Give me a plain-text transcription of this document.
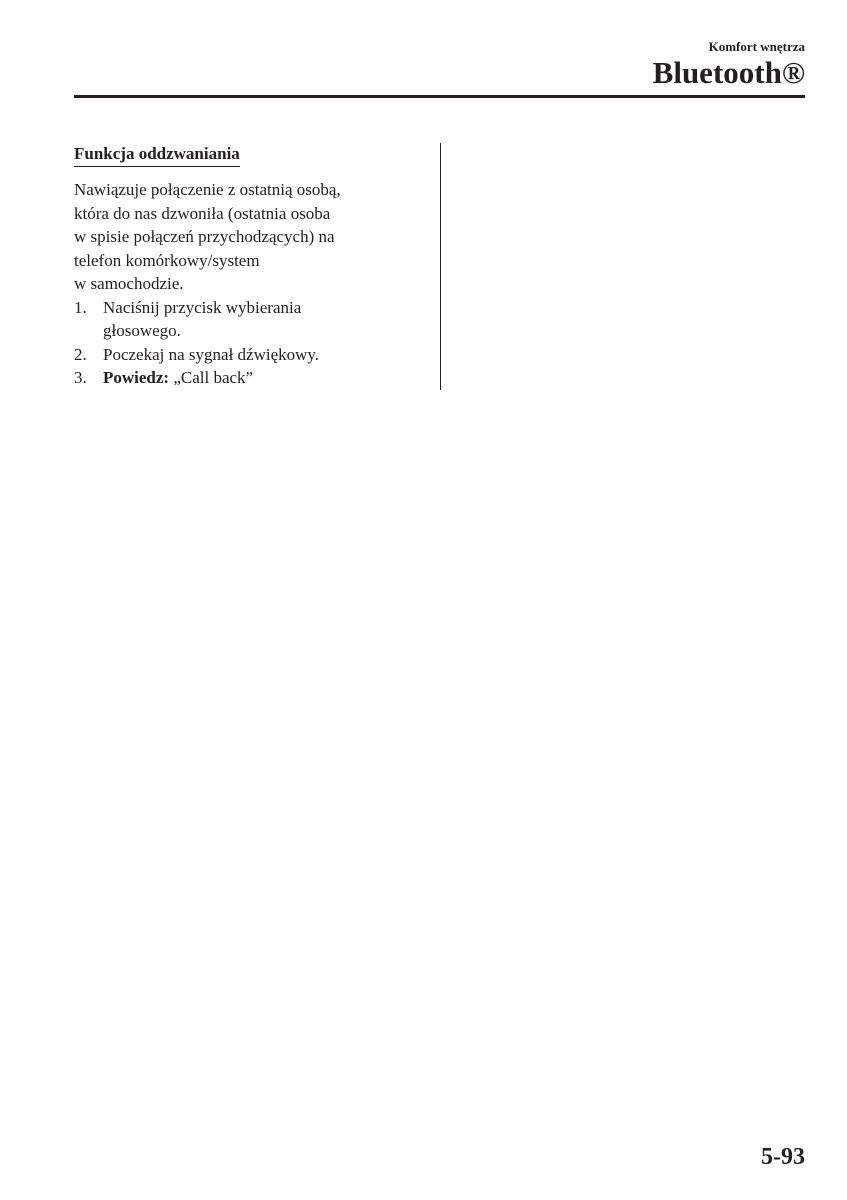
Komfort wnętrza
Bluetooth®
Funkcja oddzwaniania

Nawiązuje połączenie z ostatnią osobą,

która do nas dzwoniła (ostatnia osoba

w spisie połączeń przychodzących) na

telefon komórkowy/system

w samochodzie.

1. Naciśnij przycisk wybierania
głosowego.
2. Poczekaj na sygnał dźwiękowy.
3. Powiedz: „Call back”
5-93
